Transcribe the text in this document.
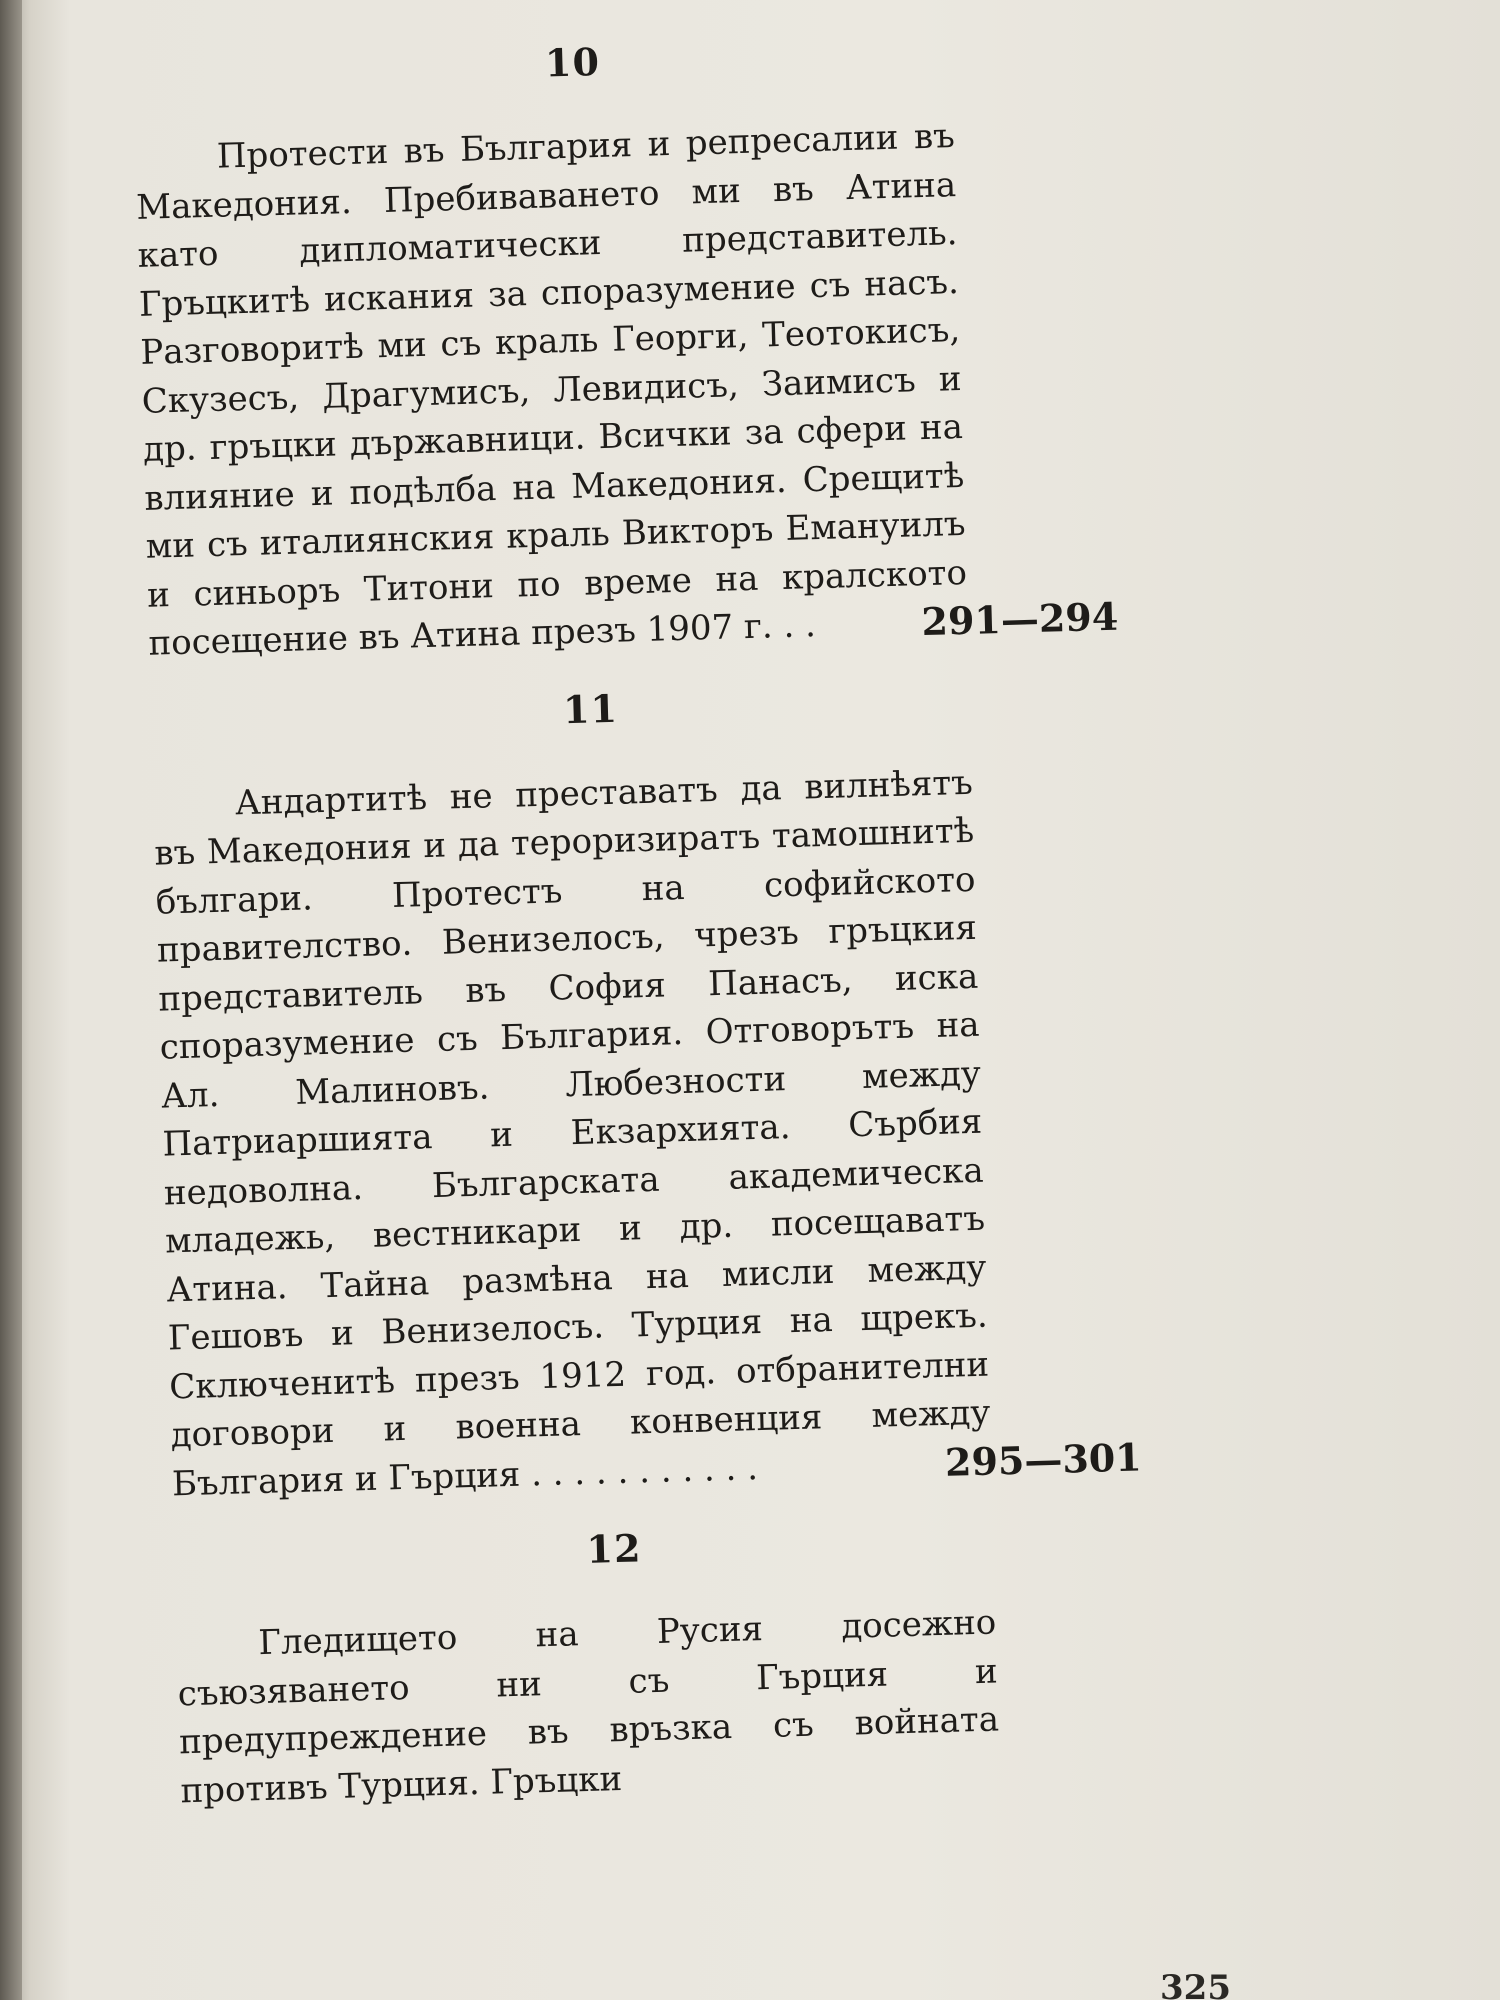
10

Протести въ България и репресалии въ Македония. Пребиваването ми въ Атина като дипломатически представитель. Гръцкитѣ искания за споразумение съ насъ. Разговоритѣ ми съ краль Георги, Теотокисъ, Скузесъ, Драгумисъ, Левидисъ, Заимисъ и др. гръцки държавници. Всички за сфери на влияние и подѣлба на Македония. Срещитѣ ми съ италиянския краль Викторъ Емануилъ и синьоръ Титони по време на кралското посещение въ Атина презъ 1907 г. . .	291—294

11

Андартитѣ не преставатъ да вилнѣятъ въ Македония и да тероризиратъ тамошнитѣ българи. Протестъ на софийското правителство. Венизелосъ, чрезъ гръцкия представитель въ София Панасъ, иска споразумение съ България. Отговорътъ на Ал. Малиновъ. Любезности между Патриаршията и Екзархията. Сърбия недоволна. Българската академическа младежь, вестникари и др. посещаватъ Атина. Тайна размѣна на мисли между Гешовъ и Венизелосъ. Турция на щрекъ. Сключенитѣ презъ 1912 год. отбранителни договори и военна конвенция между България и Гърция . . . . . . . . . . .	295—301

12

Гледището на Русия досежно съюзяването ни съ Гърция и предупреждение въ връзка съ войната противъ Турция. Гръцки

325
